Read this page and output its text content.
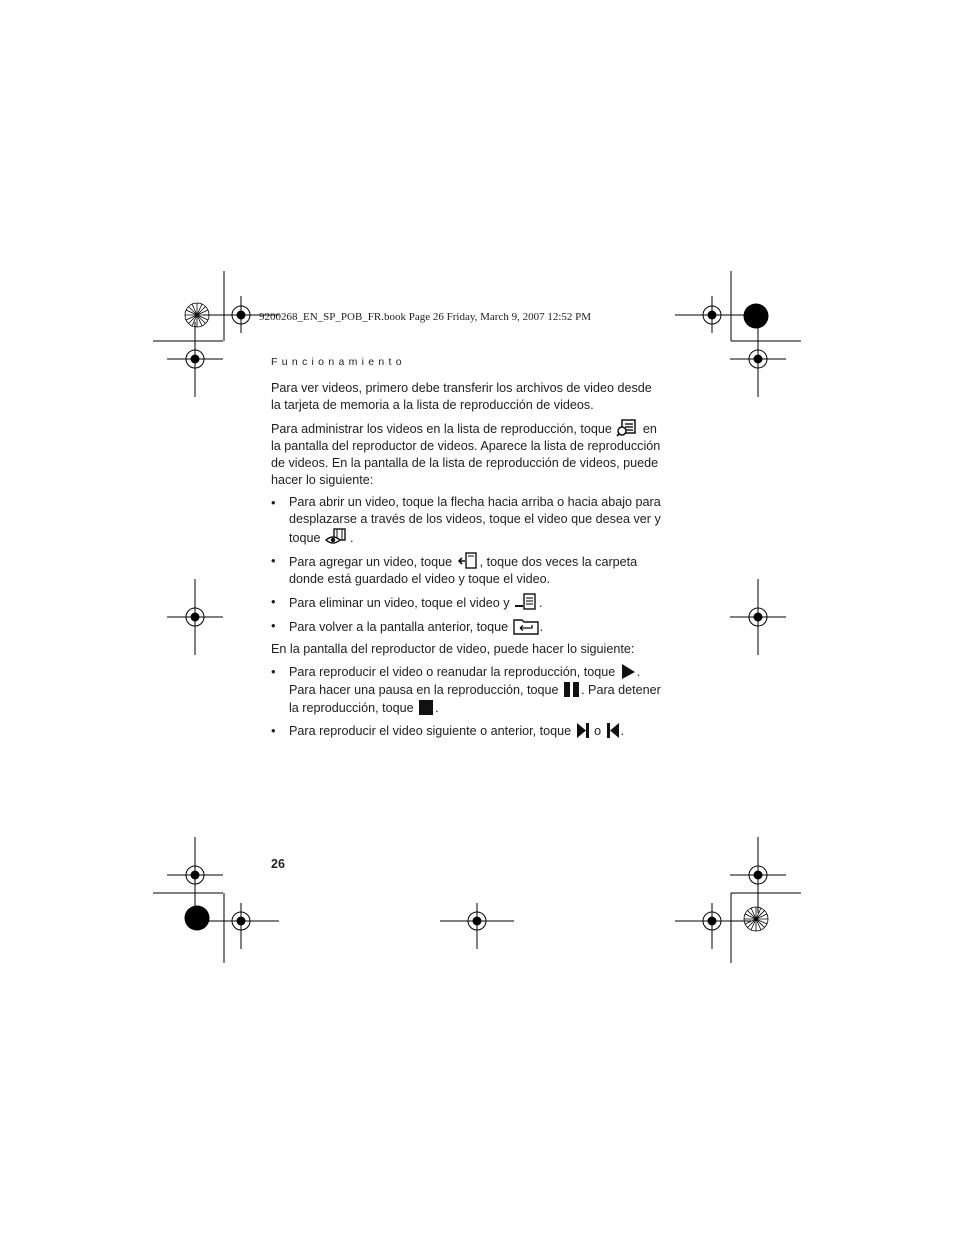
9200268_EN_SP_POB_FR.book Page 26 Friday, March 9, 2007 12:52 PM
Funcionamiento

Para ver videos, primero debe transferir los archivos de video desde la tarjeta de memoria a la lista de reproducción de videos.

Para administrar los videos en la lista de reproducción, toque  en la pantalla del reproductor de videos. Aparece la lista de reproducción de videos. En la pantalla de la lista de reproducción de videos, puede hacer lo siguiente:

• Para abrir un video, toque la flecha hacia arriba o hacia abajo para desplazarse a través de los videos, toque el video que desea ver y toque .
• Para agregar un video, toque , toque dos veces la carpeta donde está guardado el video y toque el video.
• Para eliminar un video, toque el video y .
• Para volver a la pantalla anterior, toque .

En la pantalla del reproductor de video, puede hacer lo siguiente:

• Para reproducir el video o reanudar la reproducción, toque .
Para hacer una pausa en la reproducción, toque . Para detener la reproducción, toque .
• Para reproducir el video siguiente o anterior, toque  o .
26
